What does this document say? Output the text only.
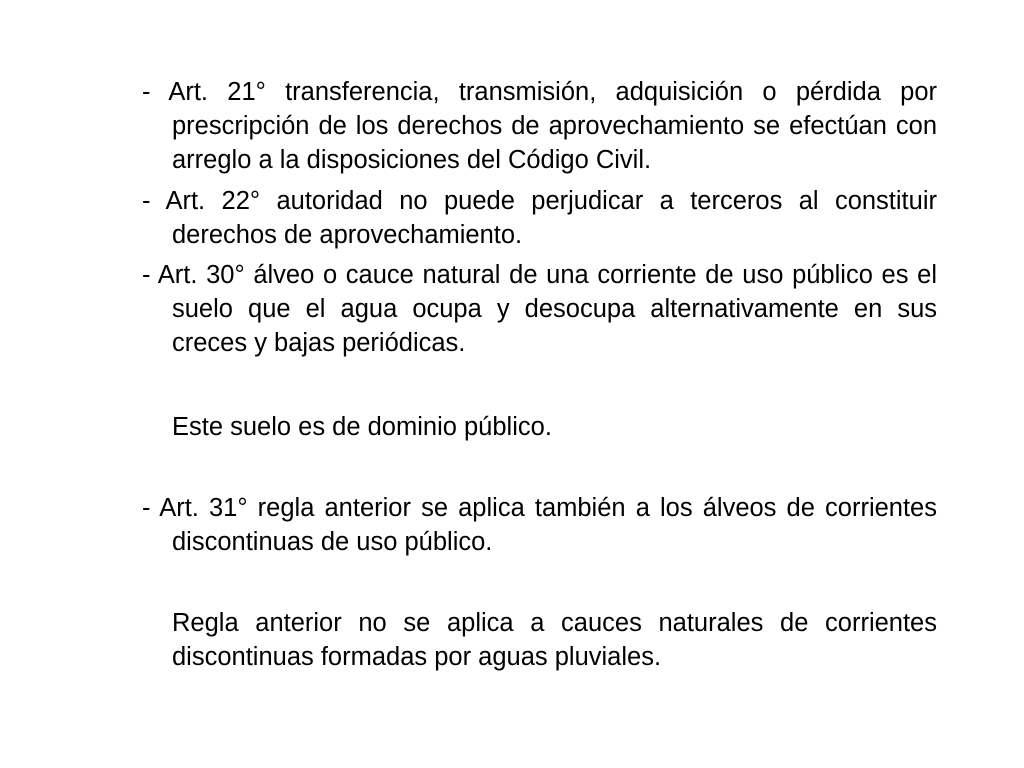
- Art. 21° transferencia, transmisión, adquisición o pérdida por prescripción de los derechos de aprovechamiento se efectúan con arreglo a la disposiciones del Código Civil.
- Art. 22° autoridad no puede perjudicar a terceros al constituir derechos de aprovechamiento.
- Art. 30° álveo o cauce natural de una corriente de uso público es el suelo que el agua ocupa y desocupa alternativamente en sus creces y bajas periódicas.
Este suelo es de dominio público.
- Art. 31° regla anterior se aplica también a los álveos de corrientes discontinuas de uso público.
Regla anterior no se aplica a cauces naturales de corrientes discontinuas formadas por aguas pluviales.
